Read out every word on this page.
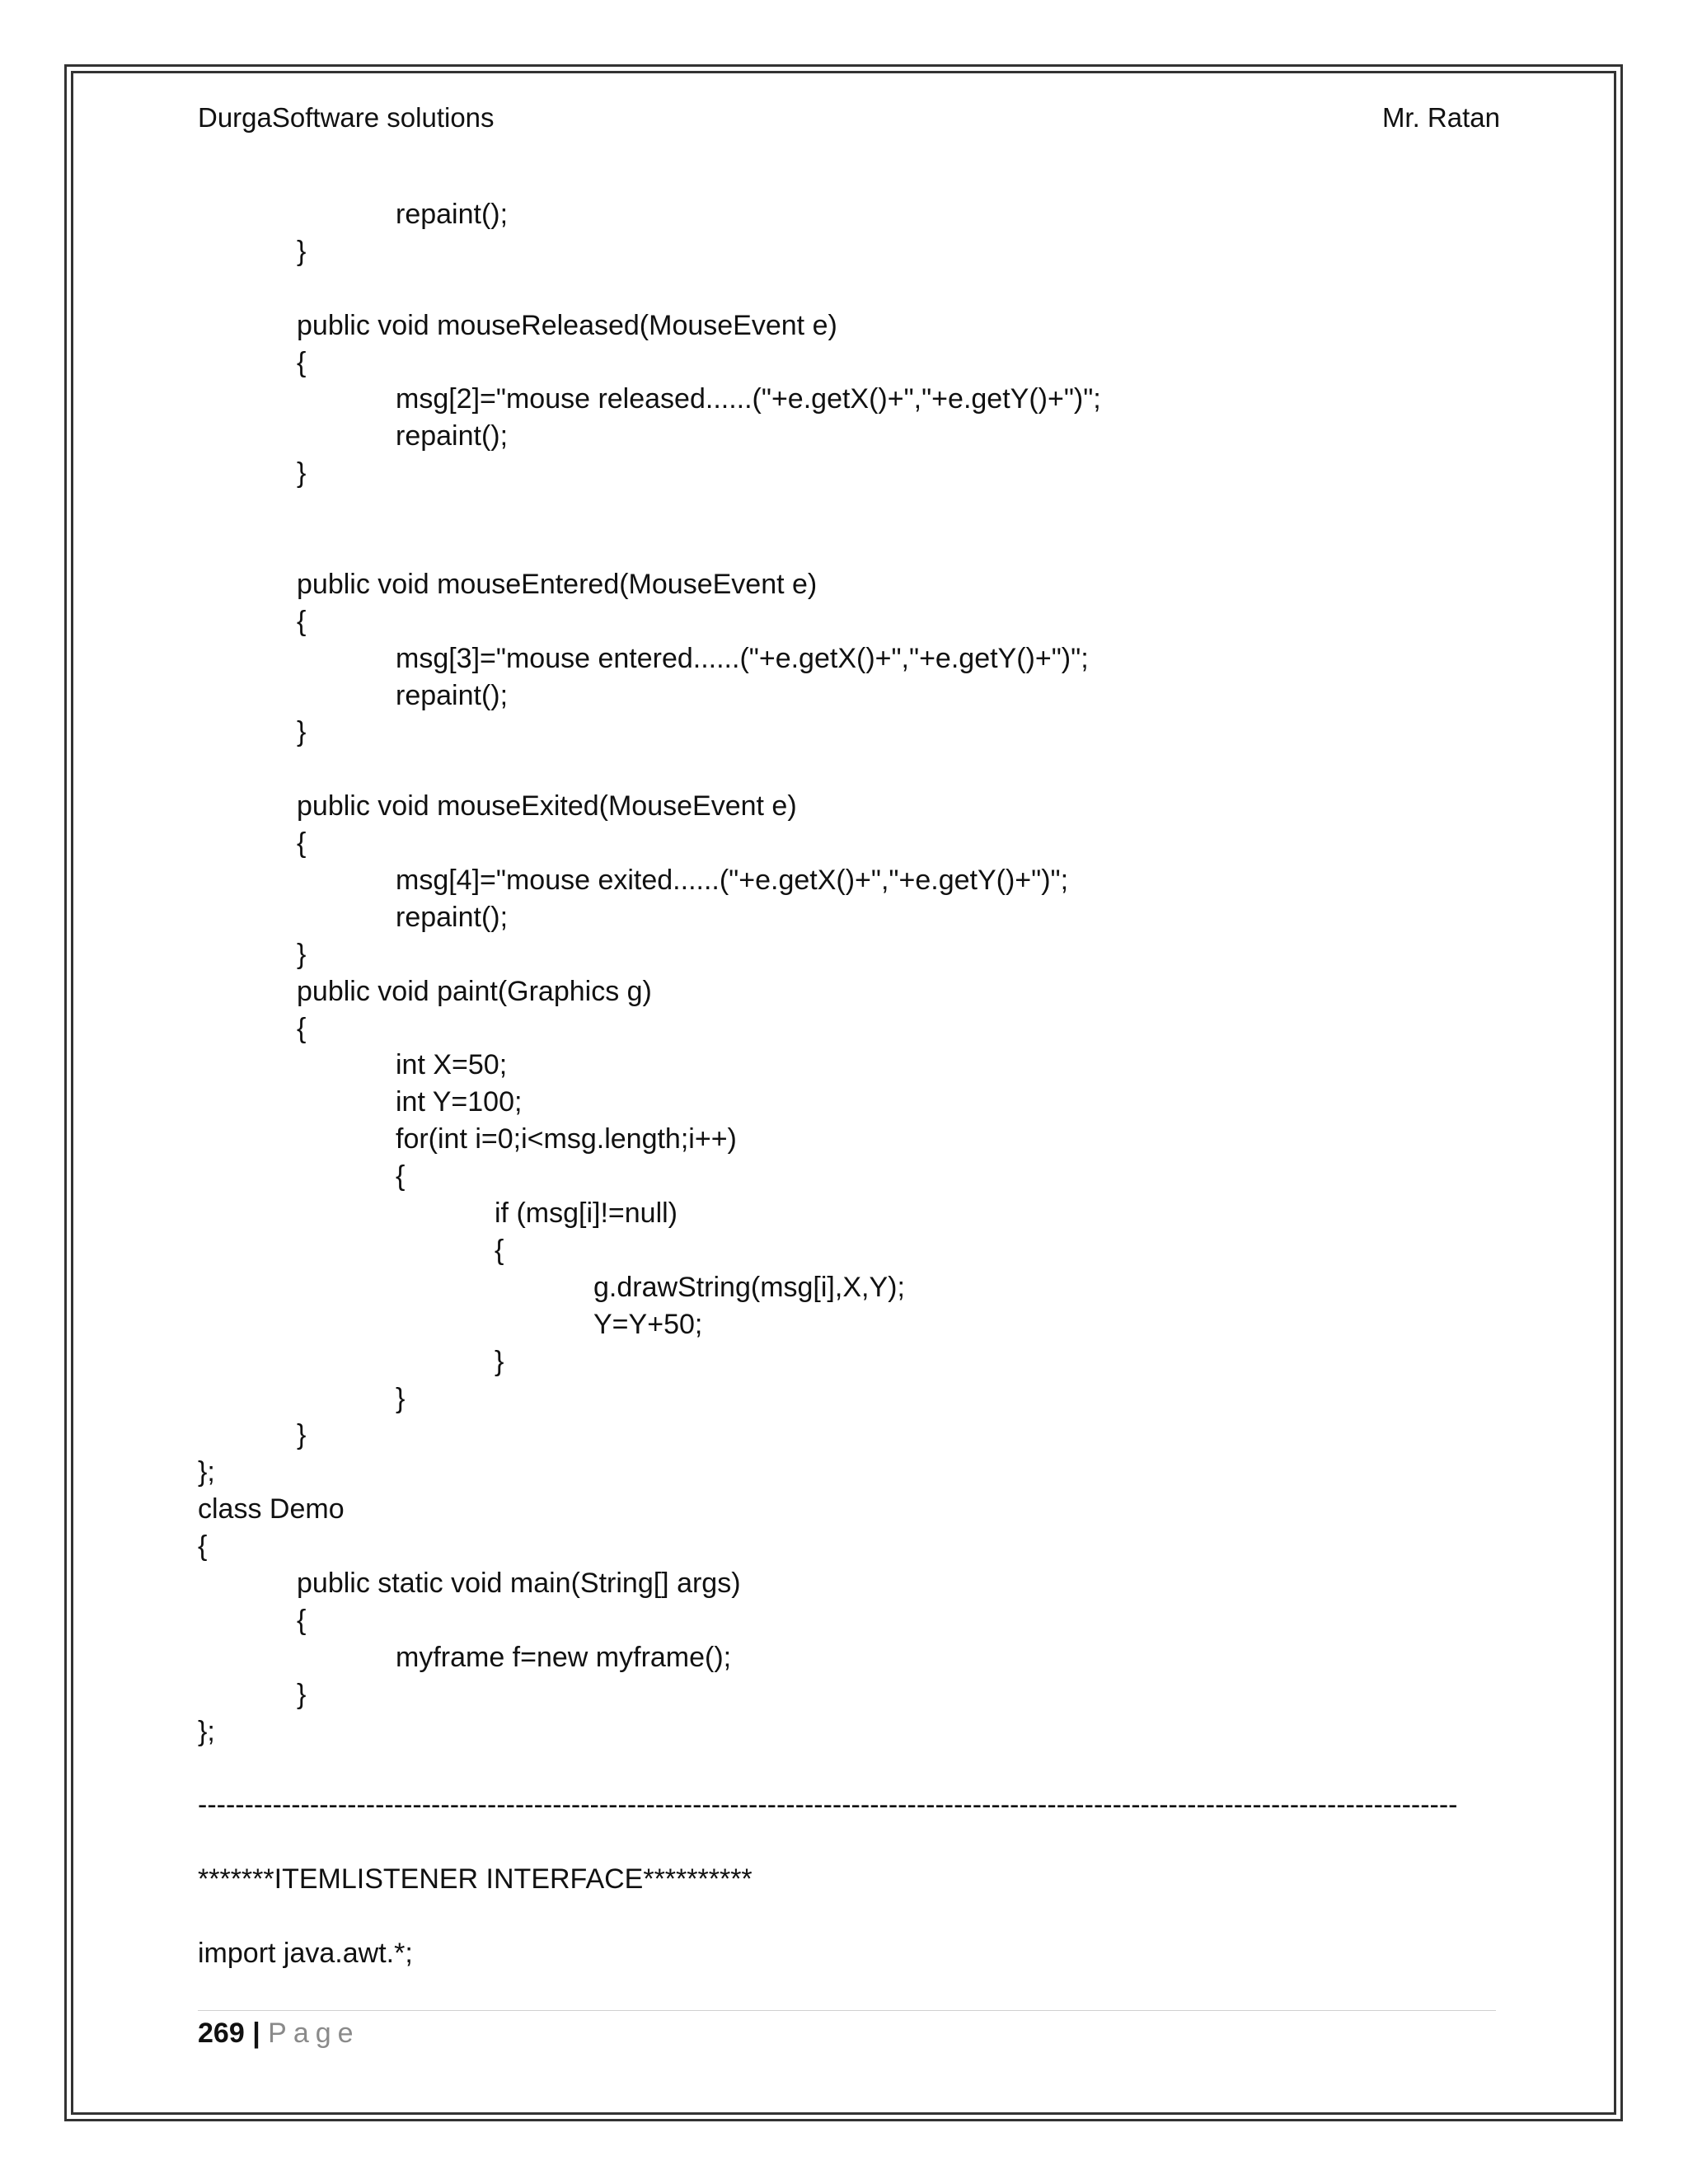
DurgaSoftware solutions	Mr. Ratan
repaint();
}
public void mouseReleased(MouseEvent e)
{
msg[2]="mouse released......("+e.getX()+","+e.getY()+")";
repaint();
}
public void mouseEntered(MouseEvent e)
{
msg[3]="mouse entered......("+e.getX()+","+e.getY()+")";
repaint();
}
public void mouseExited(MouseEvent e)
{
msg[4]="mouse exited......("+e.getX()+","+e.getY()+")";
repaint();
}
public void paint(Graphics g)
{
int X=50;
int Y=100;
for(int i=0;i<msg.length;i++)
{
if (msg[i]!=null)
{
g.drawString(msg[i],X,Y);
Y=Y+50;
}
}
}
};
class Demo
{
public static void main(String[] args)
{
myframe f=new myframe();
}
};
---------------------------------------------------------------------------------------------------------------------------------------
*******ITEMLISTENER INTERFACE**********
import java.awt.*;
269 | Page
